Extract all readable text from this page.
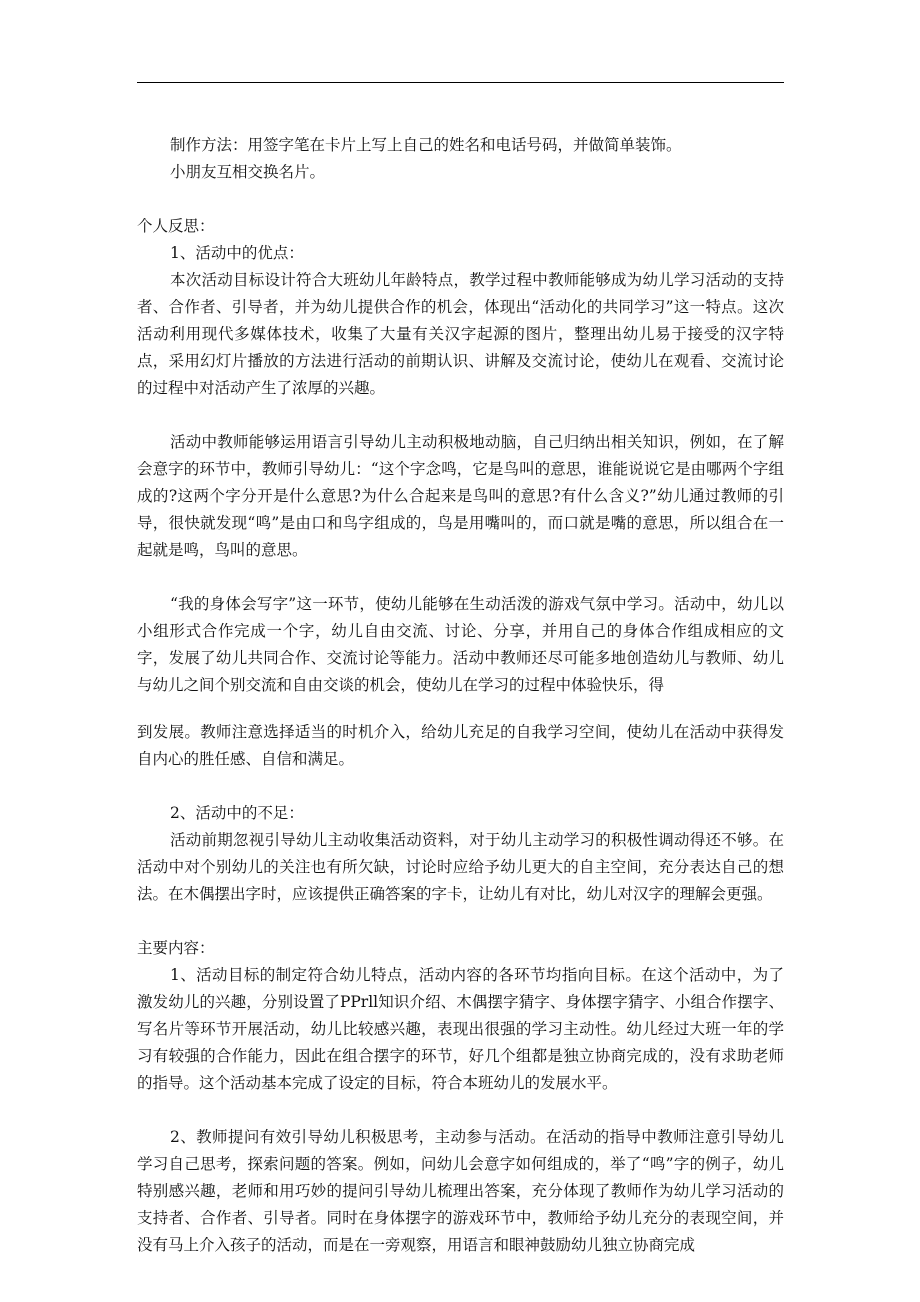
制作方法：用签字笔在卡片上写上自己的姓名和电话号码，并做简单装饰。

小朋友互相交换名片。

个人反思：

1、活动中的优点：

本次活动目标设计符合大班幼儿年龄特点，教学过程中教师能够成为幼儿学习活动的支持者、合作者、引导者，并为幼儿提供合作的机会，体现出“活动化的共同学习”这一特点。这次活动利用现代多媒体技术，收集了大量有关汉字起源的图片，整理出幼儿易于接受的汉字特点，采用幻灯片播放的方法进行活动的前期认识、讲解及交流讨论，使幼儿在观看、交流讨论的过程中对活动产生了浓厚的兴趣。

活动中教师能够运用语言引导幼儿主动积极地动脑，自己归纳出相关知识，例如，在了解会意字的环节中，教师引导幼儿：“这个字念鸣，它是鸟叫的意思，谁能说说它是由哪两个字组成的?这两个字分开是什么意思?为什么合起来是鸟叫的意思?有什么含义?”幼儿通过教师的引导，很快就发现“鸣”是由口和鸟字组成的，鸟是用嘴叫的，而口就是嘴的意思，所以组合在一起就是鸣，鸟叫的意思。

“我的身体会写字”这一环节，使幼儿能够在生动活泼的游戏气氛中学习。活动中，幼儿以小组形式合作完成一个字，幼儿自由交流、讨论、分享，并用自己的身体合作组成相应的文字，发展了幼儿共同合作、交流讨论等能力。活动中教师还尽可能多地创造幼儿与教师、幼儿与幼儿之间个别交流和自由交谈的机会，使幼儿在学习的过程中体验快乐，得

到发展。教师注意选择适当的时机介入，给幼儿充足的自我学习空间，使幼儿在活动中获得发自内心的胜任感、自信和满足。

2、活动中的不足：

活动前期忽视引导幼儿主动收集活动资料，对于幼儿主动学习的积极性调动得还不够。在活动中对个别幼儿的关注也有所欠缺，讨论时应给予幼儿更大的自主空间，充分表达自己的想法。在木偶摆出字时，应该提供正确答案的字卡，让幼儿有对比，幼儿对汉字的理解会更强。

主要内容：

1、活动目标的制定符合幼儿特点，活动内容的各环节均指向目标。在这个活动中，为了激发幼儿的兴趣，分别设置了PPrll知识介绍、木偶摆字猜字、身体摆字猜字、小组合作摆字、写名片等环节开展活动，幼儿比较感兴趣，表现出很强的学习主动性。幼儿经过大班一年的学习有较强的合作能力，因此在组合摆字的环节，好几个组都是独立协商完成的，没有求助老师的指导。这个活动基本完成了设定的目标，符合本班幼儿的发展水平。

2、教师提问有效引导幼儿积极思考，主动参与活动。在活动的指导中教师注意引导幼儿学习自己思考，探索问题的答案。例如，问幼儿会意字如何组成的，举了“鸣”字的例子，幼儿特别感兴趣，老师和用巧妙的提问引导幼儿梳理出答案，充分体现了教师作为幼儿学习活动的支持者、合作者、引导者。同时在身体摆字的游戏环节中，教师给予幼儿充分的表现空间，并没有马上介入孩子的活动，而是在一旁观察，用语言和眼神鼓励幼儿独立协商完成
